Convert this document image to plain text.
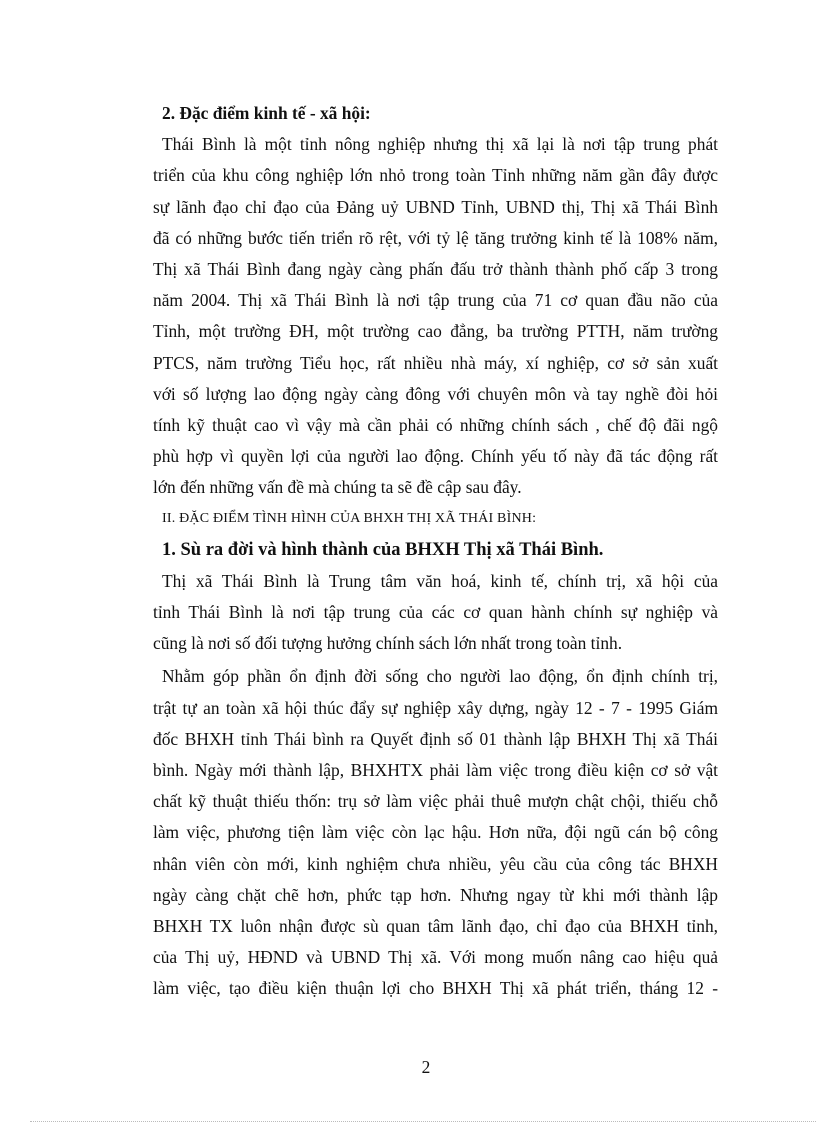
2. Đặc điểm kinh tế - xã hội:
Thái Bình là một tỉnh nông nghiệp nhưng thị xã lại là nơi tập trung phát
triển của khu công nghiệp lớn nhỏ trong toàn Tỉnh những năm gần đây được
sự lãnh đạo chỉ đạo của Đảng uỷ UBND Tỉnh, UBND thị, Thị xã Thái Bình
đã có những bước tiến triển rõ rệt, với tỷ lệ tăng trưởng kinh tế là 108% năm,
Thị xã Thái Bình đang ngày càng phấn đấu trở thành thành phố cấp 3 trong
năm 2004. Thị xã Thái Bình là nơi tập trung của 71 cơ quan đầu não của
Tỉnh, một trường ĐH, một trường cao đẳng, ba trường PTTH, năm trường
PTCS, năm trường Tiểu học, rất nhiều nhà máy, xí nghiệp, cơ sở sản xuất
với số lượng lao động ngày càng đông với chuyên môn và tay nghề đòi hỏi
tính kỹ thuật cao vì vậy mà cần phải có những chính sách , chế độ đãi ngộ
phù hợp vì quyền lợi của người lao động. Chính yếu tố này đã tác động rất
lớn đến những vấn đề mà chúng ta sẽ đề cập sau đây.
II. ĐẶC ĐIỂM TÌNH HÌNH CỦA BHXH THỊ XÃ THÁI BÌNH:
1. Sù ra đời và hình thành của BHXH Thị xã Thái Bình.
Thị xã Thái Bình là Trung tâm văn hoá, kinh tế, chính trị, xã hội của
tỉnh Thái Bình là nơi tập trung của các cơ quan hành chính sự nghiệp và
cũng là nơi số đối tượng hưởng chính sách lớn nhất trong toàn tỉnh.
Nhằm góp phần ổn định đời sống cho người lao động, ổn định chính trị,
trật tự an toàn xã hội thúc đẩy sự nghiệp xây dựng, ngày 12 - 7 - 1995 Giám
đốc BHXH tỉnh Thái bình ra Quyết định số 01 thành lập BHXH Thị xã Thái
bình. Ngày mới thành lập, BHXHTX phải làm việc trong điều kiện cơ sở vật
chất kỹ thuật thiếu thốn: trụ sở làm việc phải thuê mượn chật chội, thiếu chỗ
làm việc, phương tiện làm việc còn lạc hậu. Hơn nữa, đội ngũ cán bộ công
nhân viên còn mới, kinh nghiệm chưa nhiều, yêu cầu của công tác BHXH
ngày càng chặt chẽ hơn, phức tạp hơn. Nhưng ngay từ khi mới thành lập
BHXH TX luôn nhận được sù quan tâm lãnh đạo, chỉ đạo của BHXH tỉnh,
của Thị uỷ, HĐND và UBND Thị xã. Với mong muốn nâng cao hiệu quả
làm việc, tạo điều kiện thuận lợi cho BHXH Thị xã phát triển, tháng 12 -
2
